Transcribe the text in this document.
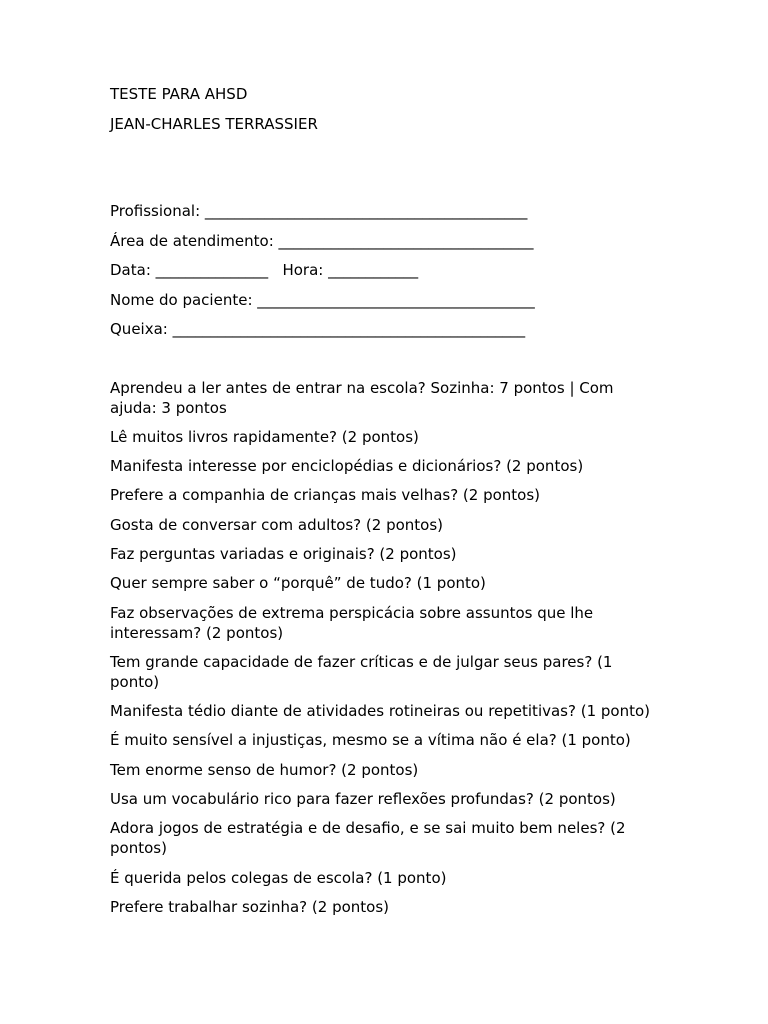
TESTE PARA AHSD
JEAN-CHARLES TERRASSIER
Profissional: ___________________________________________
Área de atendimento: __________________________________
Data: _______________   Hora: ____________
Nome do paciente: _____________________________________
Queixa: _______________________________________________
Aprendeu a ler antes de entrar na escola? Sozinha: 7 pontos | Com ajuda: 3 pontos
Lê muitos livros rapidamente? (2 pontos)
Manifesta interesse por enciclopédias e dicionários? (2 pontos)
Prefere a companhia de crianças mais velhas? (2 pontos)
Gosta de conversar com adultos? (2 pontos)
Faz perguntas variadas e originais? (2 pontos)
Quer sempre saber o “porquê” de tudo? (1 ponto)
Faz observações de extrema perspicácia sobre assuntos que lhe interessam? (2 pontos)
Tem grande capacidade de fazer críticas e de julgar seus pares? (1 ponto)
Manifesta tédio diante de atividades rotineiras ou repetitivas? (1 ponto)
É muito sensível a injustiças, mesmo se a vítima não é ela? (1 ponto)
Tem enorme senso de humor? (2 pontos)
Usa um vocabulário rico para fazer reflexões profundas? (2 pontos)
Adora jogos de estratégia e de desafio, e se sai muito bem neles? (2 pontos)
É querida pelos colegas de escola? (1 ponto)
Prefere trabalhar sozinha? (2 pontos)
